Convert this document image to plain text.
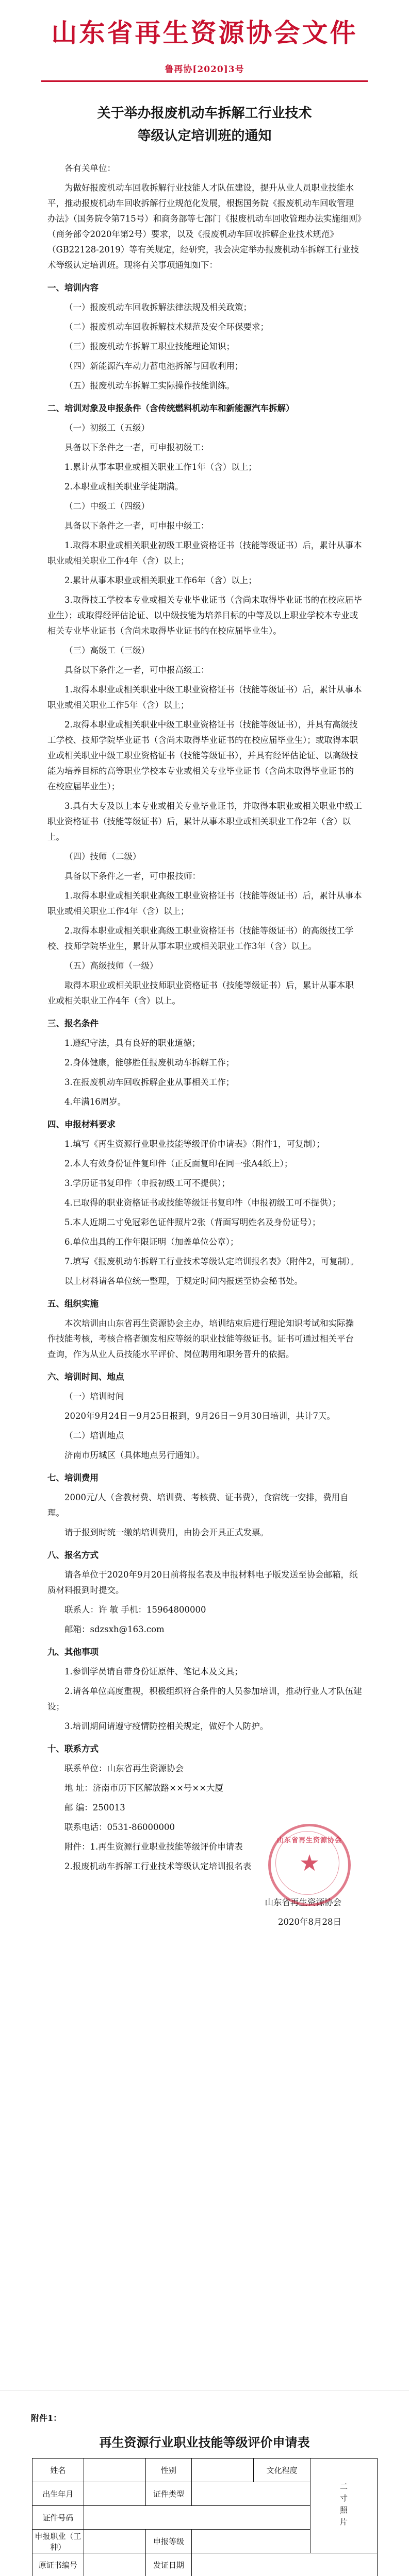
山东省再生资源协会文件
鲁再协[2020]3号
关于举办报废机动车拆解工行业技术
等级认定培训班的通知

各有关单位：

为做好报废机动车回收拆解行业技能人才队伍建设，提升从业人员职业技能水平，推动报废机动车回收拆解行业规范化发展，根据国务院《报废机动车回收管理办法》（国务院令第715号）和商务部等七部门《报废机动车回收管理办法实施细则》（商务部令2020年第2号）要求，以及《报废机动车回收拆解企业技术规范》（GB22128-2019）等有关规定，经研究，我会决定举办报废机动车拆解工行业技术等级认定培训班。现将有关事项通知如下：

一、培训内容

（一）报废机动车回收拆解法律法规及相关政策；

（二）报废机动车回收拆解技术规范及安全环保要求；

（三）报废机动车拆解工职业技能理论知识；

（四）新能源汽车动力蓄电池拆解与回收利用；

（五）报废机动车拆解工实际操作技能训练。

二、培训对象及申报条件（含传统燃料机动车和新能源汽车拆解）

（一）初级工（五级）

具备以下条件之一者，可申报初级工：

1.累计从事本职业或相关职业工作1年（含）以上；

2.本职业或相关职业学徒期满。

（二）中级工（四级）

具备以下条件之一者，可申报中级工：

1.取得本职业或相关职业初级工职业资格证书（技能等级证书）后，累计从事本职业或相关职业工作4年（含）以上；

2.累计从事本职业或相关职业工作6年（含）以上；

3.取得技工学校本专业或相关专业毕业证书（含尚未取得毕业证书的在校应届毕业生）；或取得经评估论证、以中级技能为培养目标的中等及以上职业学校本专业或相关专业毕业证书（含尚未取得毕业证书的在校应届毕业生）。

（三）高级工（三级）

具备以下条件之一者，可申报高级工：

1.取得本职业或相关职业中级工职业资格证书（技能等级证书）后，累计从事本职业或相关职业工作5年（含）以上；

2.取得本职业或相关职业中级工职业资格证书（技能等级证书），并具有高级技工学校、技师学院毕业证书（含尚未取得毕业证书的在校应届毕业生）；或取得本职业或相关职业中级工职业资格证书（技能等级证书），并具有经评估论证、以高级技能为培养目标的高等职业学校本专业或相关专业毕业证书（含尚未取得毕业证书的在校应届毕业生）；

3.具有大专及以上本专业或相关专业毕业证书，并取得本职业或相关职业中级工职业资格证书（技能等级证书）后，累计从事本职业或相关职业工作2年（含）以上。

（四）技师（二级）

具备以下条件之一者，可申报技师：

1.取得本职业或相关职业高级工职业资格证书（技能等级证书）后，累计从事本职业或相关职业工作4年（含）以上；

2.取得本职业或相关职业高级工职业资格证书（技能等级证书）的高级技工学校、技师学院毕业生，累计从事本职业或相关职业工作3年（含）以上。

（五）高级技师（一级）

取得本职业或相关职业技师职业资格证书（技能等级证书）后，累计从事本职业或相关职业工作4年（含）以上。

三、报名条件

1.遵纪守法，具有良好的职业道德；

2.身体健康，能够胜任报废机动车拆解工作；

3.在报废机动车回收拆解企业从事相关工作；

4.年满16周岁。

四、申报材料要求

1.填写《再生资源行业职业技能等级评价申请表》（附件1，可复制）；

2.本人有效身份证件复印件（正反面复印在同一张A4纸上）；

3.学历证书复印件（申报初级工可不提供）；

4.已取得的职业资格证书或技能等级证书复印件（申报初级工可不提供）；

5.本人近期二寸免冠彩色证件照片2张（背面写明姓名及身份证号）；

6.单位出具的工作年限证明（加盖单位公章）；

7.填写《报废机动车拆解工行业技术等级认定培训报名表》（附件2，可复制）。

以上材料请各单位统一整理，于规定时间内报送至协会秘书处。

五、组织实施

本次培训由山东省再生资源协会主办，培训结束后进行理论知识考试和实际操作技能考核，考核合格者颁发相应等级的职业技能等级证书。证书可通过相关平台查询，作为从业人员技能水平评价、岗位聘用和职务晋升的依据。

六、培训时间、地点

（一）培训时间

2020年9月24日－9月25日报到，9月26日－9月30日培训，共计7天。

（二）培训地点

济南市历城区（具体地点另行通知）。

七、培训费用

2000元/人（含教材费、培训费、考核费、证书费），食宿统一安排，费用自理。

请于报到时统一缴纳培训费用，由协会开具正式发票。

八、报名方式

请各单位于2020年9月20日前将报名表及申报材料电子版发送至协会邮箱，纸质材料报到时提交。

联系人：许 敏 手机：15964800000

邮箱：sdzsxh@163.com

九、其他事项

1.参训学员请自带身份证原件、笔记本及文具；

2.请各单位高度重视，积极组织符合条件的人员参加培训，推动行业人才队伍建设；

3.培训期间请遵守疫情防控相关规定，做好个人防护。

十、联系方式

联系单位：山东省再生资源协会

地 址：济南市历下区解放路××号××大厦

邮 编：250013

联系电话：0531-86000000

附件：1.再生资源行业职业技能等级评价申请表

2.报废机动车拆解工行业技术等级认定培训报名表

山东省再生资源协会

2020年8月28日

山东省再生资源协会
★
附件1：
再生资源行业职业技能等级评价申请表
姓名		性别		文化程度	二寸照片
出生年月		证件类型			
证件号码					
申报职业（工种）		申报等级			
原证书编号		发证日期			
